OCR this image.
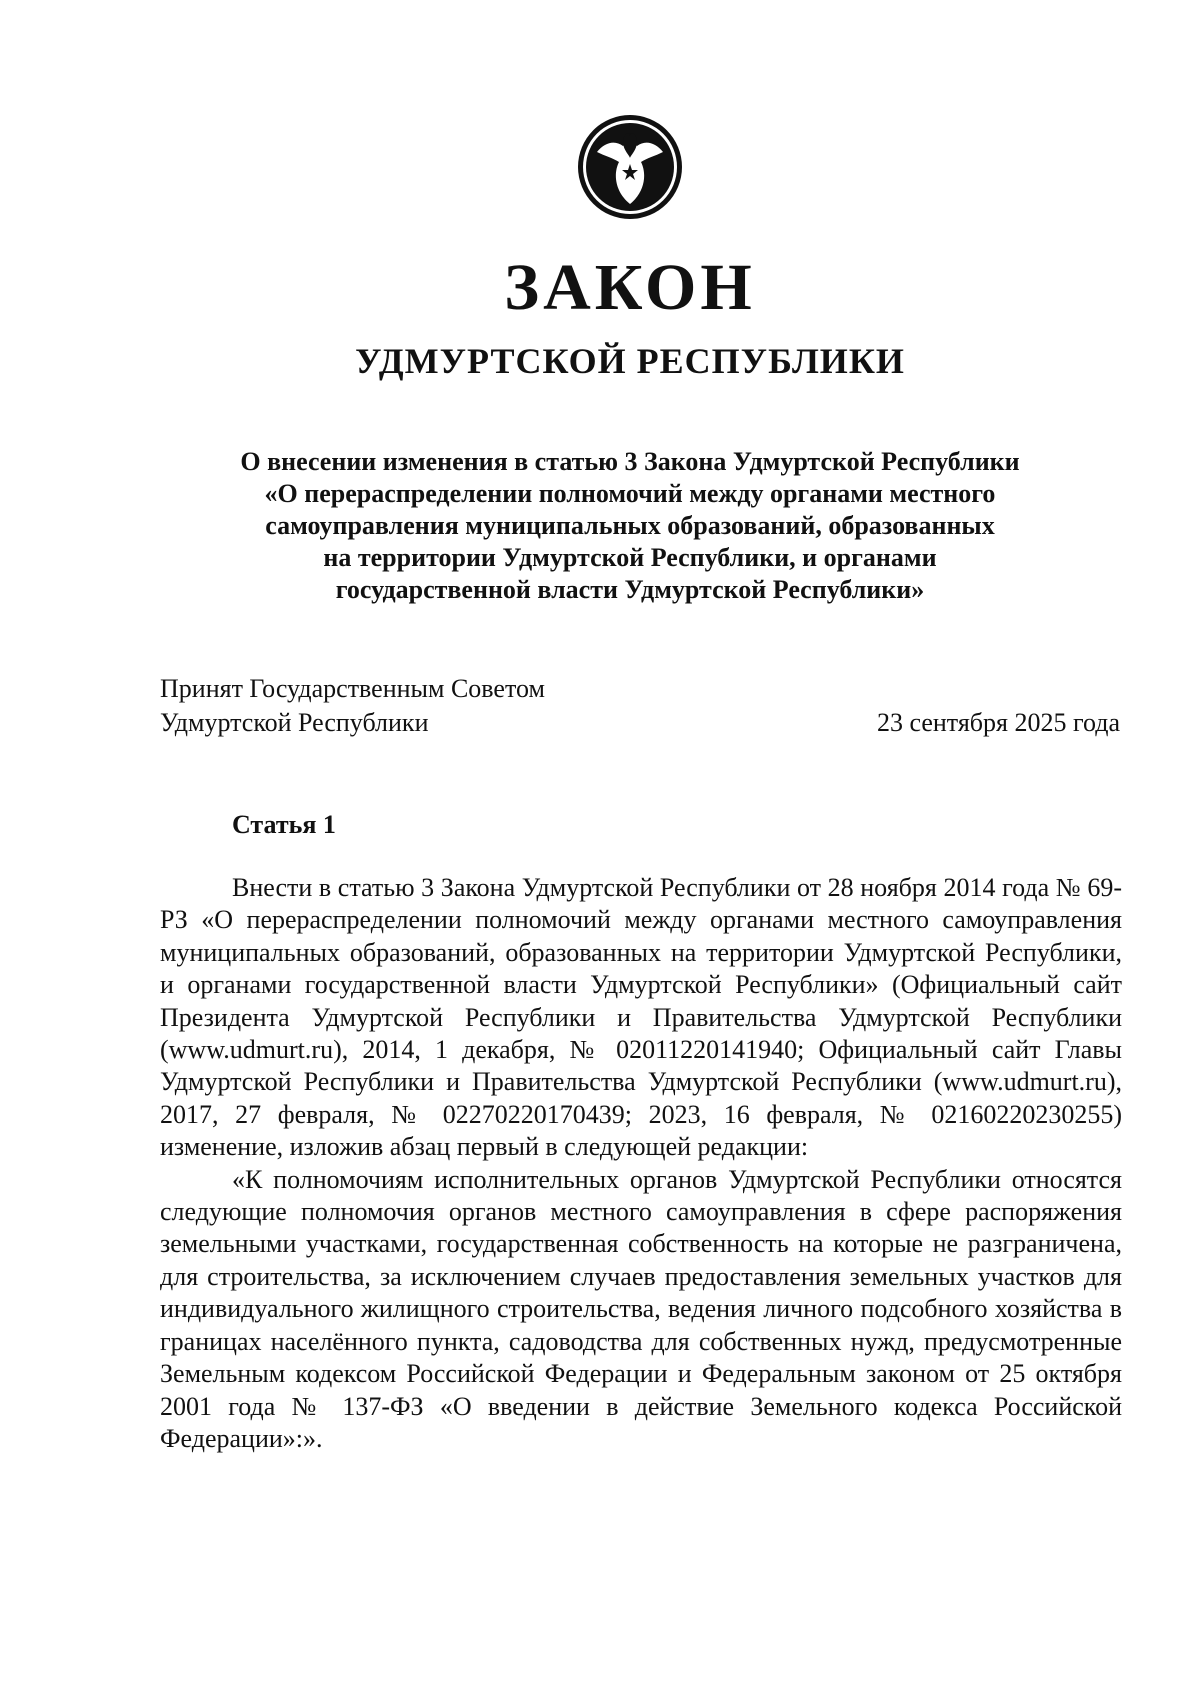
ЗАКОН
УДМУРТСКОЙ РЕСПУБЛИКИ
О внесении изменения в статью 3 Закона Удмуртской Республики
«О перераспределении полномочий между органами местного
самоуправления муниципальных образований, образованных
на территории Удмуртской Республики, и органами
государственной власти Удмуртской Республики»
Принят Государственным Советом
Удмуртской Республики	23 сентября 2025 года
Статья 1

Внести в статью 3 Закона Удмуртской Республики от 28 ноября 2014 года № 69-РЗ «О перераспределении полномочий между органами местного самоуправления муниципальных образований, образованных на территории Удмуртской Республики, и органами государственной власти Удмуртской Республики» (Официальный сайт Президента Удмуртской Республики и Правительства Удмуртской Республики (www.udmurt.ru), 2014, 1 декабря, № 02011220141940; Официальный сайт Главы Удмуртской Республики и Правительства Удмуртской Республики (www.udmurt.ru), 2017, 27 февраля, № 02270220170439; 2023, 16 февраля, № 02160220230255) изменение, изложив абзац первый в следующей редакции:

«К полномочиям исполнительных органов Удмуртской Республики относятся следующие полномочия органов местного самоуправления в сфере распоряжения земельными участками, государственная собственность на которые не разграничена, для строительства, за исключением случаев предоставления земельных участков для индивидуального жилищного строительства, ведения личного подсобного хозяйства в границах населённого пункта, садоводства для собственных нужд, предусмотренные Земельным кодексом Российской Федерации и Федеральным законом от 25 октября 2001 года № 137-ФЗ «О введении в действие Земельного кодекса Российской Федерации»:».
